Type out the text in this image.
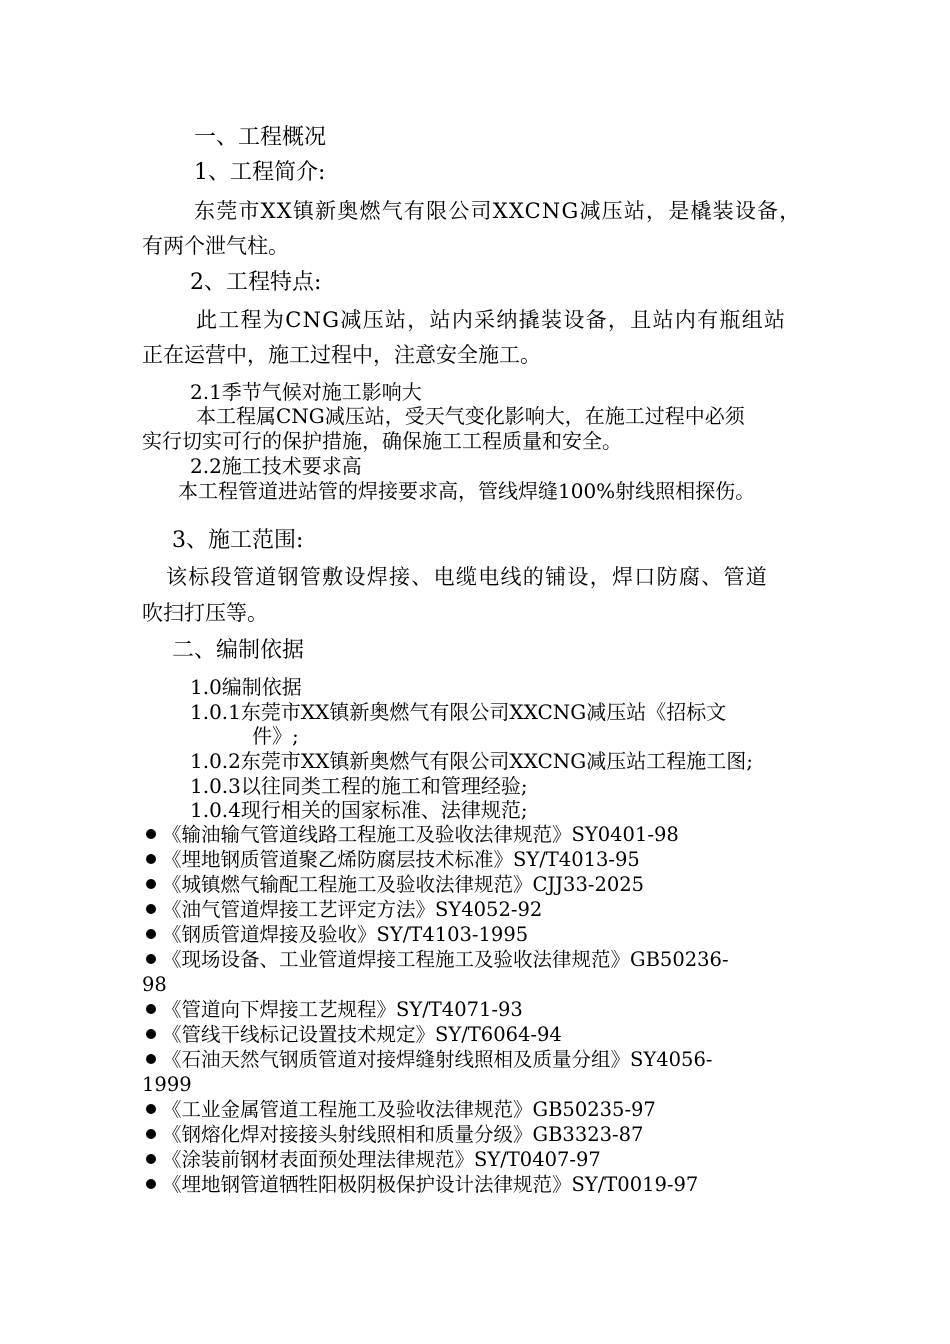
一、工程概况
1、工程简介:
东莞市XX镇新奥燃气有限公司XXCNG减压站，是橇装设备，
有两个泄气柱。
2、工程特点:
此工程为CNG减压站，站内采纳撬装设备，且站内有瓶组站
正在运营中，施工过程中，注意安全施工。
2.1季节气候对施工影响大
本工程属CNG减压站，受天气变化影响大，在施工过程中必须
实行切实可行的保护措施，确保施工工程质量和安全。
2.2施工技术要求高
本工程管道进站管的焊接要求高，管线焊缝100%射线照相探伤。
3、施工范围:
该标段管道钢管敷设焊接、电缆电线的铺设，焊口防腐、管道
吹扫打压等。
二、编制依据
1.0编制依据
1.0.1东莞市XX镇新奥燃气有限公司XXCNG减压站《招标文
件》;
1.0.2东莞市XX镇新奥燃气有限公司XXCNG减压站工程施工图;
1.0.3以往同类工程的施工和管理经验;
1.0.4现行相关的国家标准、法律规范;
《输油输气管道线路工程施工及验收法律规范》SY0401-98
《埋地钢质管道聚乙烯防腐层技术标准》SY/T4013-95
《城镇燃气输配工程施工及验收法律规范》CJJ33-2025
《油气管道焊接工艺评定方法》SY4052-92
《钢质管道焊接及验收》SY/T4103-1995
《现场设备、工业管道焊接工程施工及验收法律规范》GB50236-
98
《管道向下焊接工艺规程》SY/T4071-93
《管线干线标记设置技术规定》SY/T6064-94
《石油天然气钢质管道对接焊缝射线照相及质量分组》SY4056-
1999
《工业金属管道工程施工及验收法律规范》GB50235-97
《钢熔化焊对接接头射线照相和质量分级》GB3323-87
《涂装前钢材表面预处理法律规范》SY/T0407-97
《埋地钢管道牺牲阳极阴极保护设计法律规范》SY/T0019-97
